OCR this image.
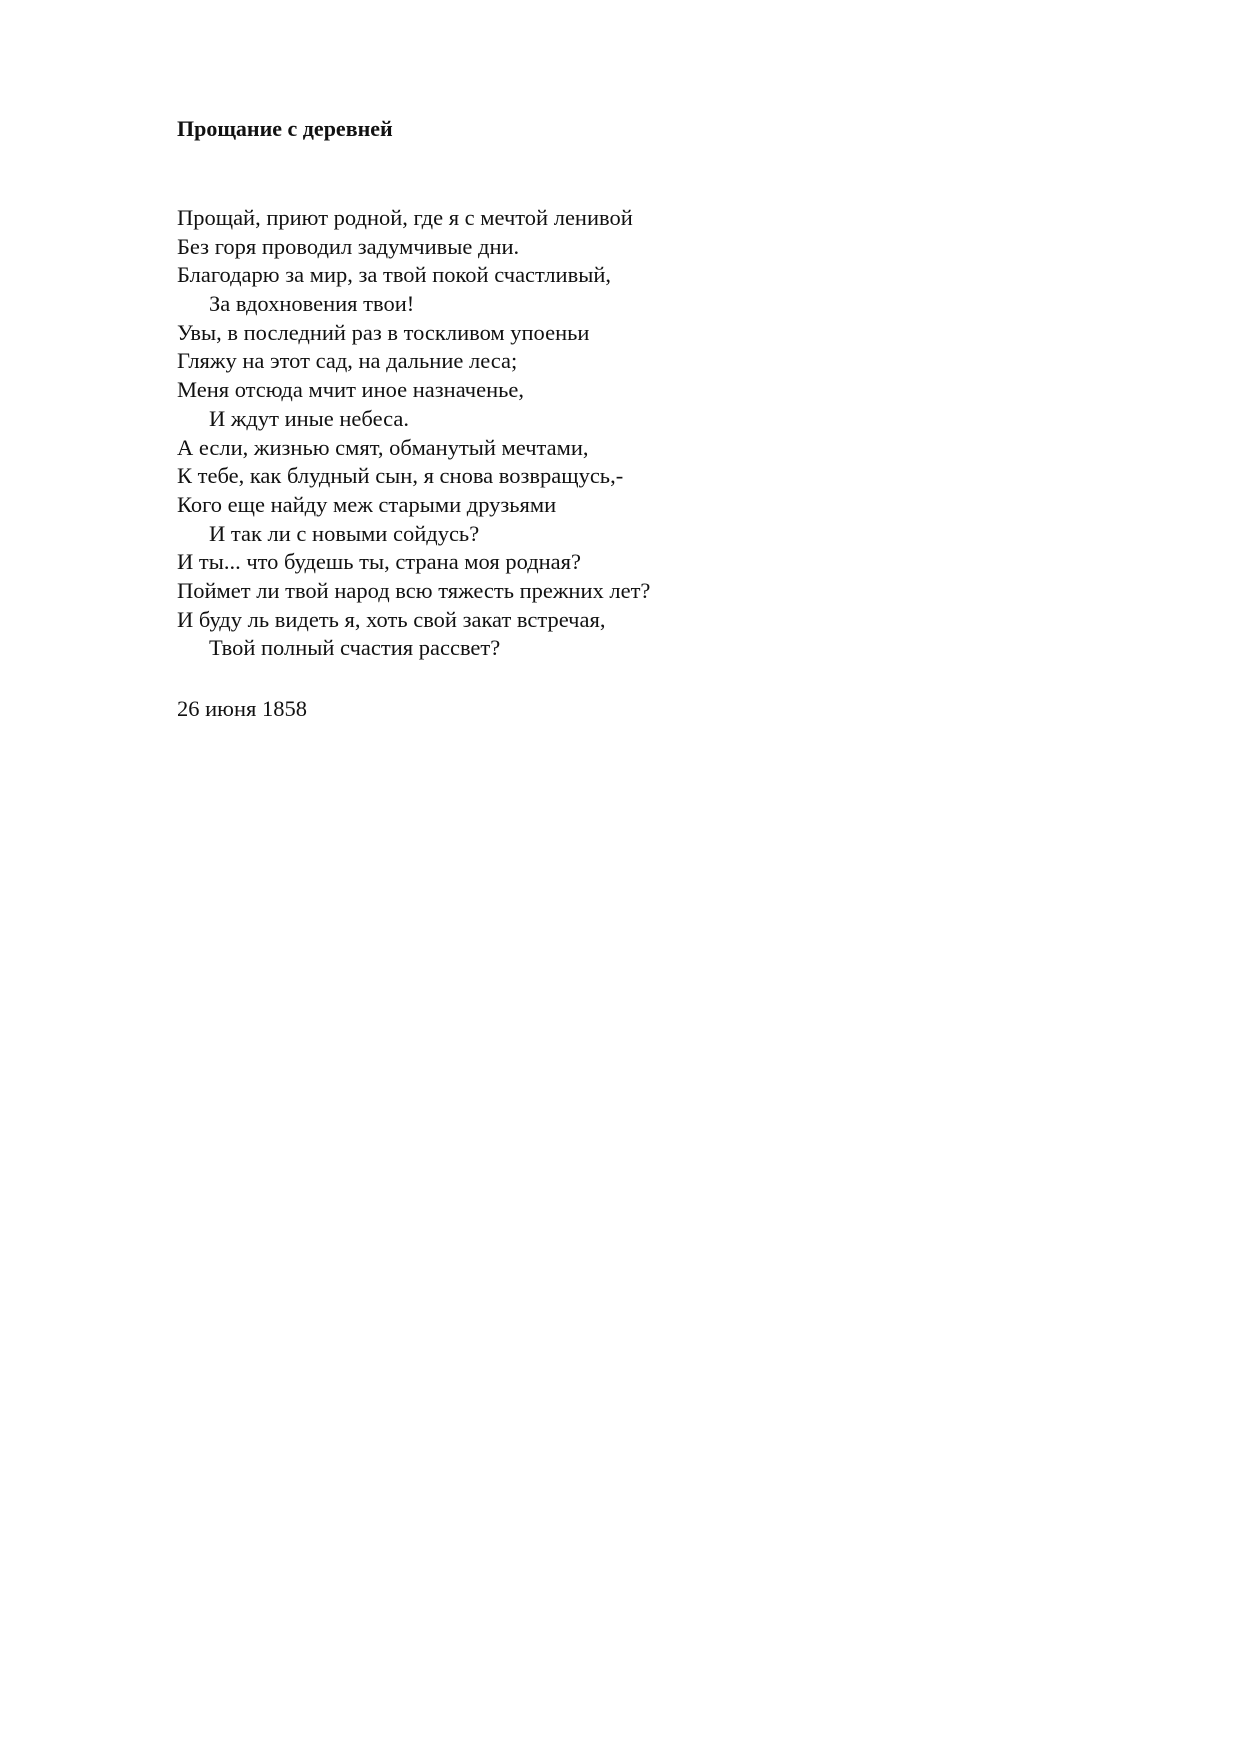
Прощание с деревней
Прощай, приют родной, где я с мечтой ленивой
Без горя проводил задумчивые дни.
Благодарю за мир, за твой покой счастливый,
За вдохновения твои!
Увы, в последний раз в тоскливом упоеньи
Гляжу на этот сад, на дальние леса;
Меня отсюда мчит иное назначенье,
И ждут иные небеса.
А если, жизнью смят, обманутый мечтами,
К тебе, как блудный сын, я снова возвращусь,-
Кого еще найду меж старыми друзьями
И так ли с новыми сойдусь?
И ты... что будешь ты, страна моя родная?
Поймет ли твой народ всю тяжесть прежних лет?
И буду ль видеть я, хоть свой закат встречая,
Твой полный счастия рассвет?
26 июня 1858
